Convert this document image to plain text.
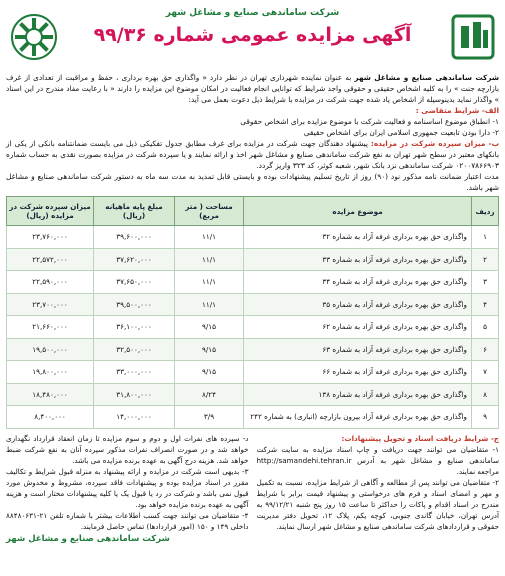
شرکت ساماندهی صنایع و مشاغل شهر
آگهی مزایده عمومی شماره ۹۹/۳۶
شرکت ساماندهی صنایع و مشاغل شهر به عنوان نماینده شهرداری تهران در نظر دارد « واگذاری حق بهره برداری ، حفظ و مراقبت از تعدادی از غرف بازارچه جنت » را به کلیه اشخاص حقیقی و حقوقی واجد شرایط که توانایی انجام فعالیت در امکان موضوع این مزایده را دارند « با رعایت مفاد مندرج در این اسناد » واگذار نماید بدینوسیله از اشخاص یاد شده جهت شرکت در مزایده با شرایط ذیل دعوت بعمل می آید:
الف- شرایط متقاضی :
۱- انطباق موضوع اساسنامه و فعالیت شرکت با موضوع مزایده برای اشخاص حقوقی
۲- دارا بودن تابعیت جمهوری اسلامی ایران برای اشخاص حقیقی
ب- میزان سپرده شرکت در مزایده: پیشنهاد دهندگان جهت شرکت در مزایده برای غرف مطابق جدول تفکیکی ذیل می بایست ضمانتنامه بانکی از یکی از بانکهای معتبر در سطح شهر تهران به نفع شرکت ساماندهی صنایع و مشاغل شهر اخذ و ارائه نمایند و یا سپرده شرکت در مزایده بصورت نقدی به حساب شماره ۰۲۰۰۷۸۶۶۹۰۳ شرکت ساماندهی نزد بانک شهر، شعبه کوثر، کد ۳۲۳ واریز گردد.
مدت اعتبار ضمانت نامه مذکور نود (۹۰) روز از تاریخ تسلیم پیشنهادات بوده و بایستی قابل تمدید به مدت سه ماه به دستور شرکت ساماندهی صنایع و مشاغل شهر باشد.
ردیف	موضوع مزایده	مساحت ( متر مربع)	مبلغ پایه ماهیانه (ریال)	میزان سپرده شرکت در مزایده (ریال)
۱	واگذاری حق بهره برداری غرفه آزاد به شماره ۳۲	۱۱/۱	۳۹,۶۰۰,۰۰۰	۲۳,۷۶۰,۰۰۰
۲	واگذاری حق بهره برداری غرفه آزاد به شماره ۳۳	۱۱/۱	۳۷,۶۲۰,۰۰۰	۲۲,۵۷۲,۰۰۰
۳	واگذاری حق بهره برداری غرفه آزاد به شماره ۳۴	۱۱/۱	۳۷,۶۵۰,۰۰۰	۲۲,۵۹۰,۰۰۰
۴	واگذاری حق بهره برداری غرفه آزاد به شماره ۳۵	۱۱/۱	۳۹,۵۰۰,۰۰۰	۲۳,۷۰۰,۰۰۰
۵	واگذاری حق بهره برداری غرفه آزاد به شماره ۶۲	۹/۱۵	۳۶,۱۰۰,۰۰۰	۲۱,۶۶۰,۰۰۰
۶	واگذاری حق بهره برداری غرفه آزاد به شماره ۶۳	۹/۱۵	۳۲,۵۰۰,۰۰۰	۱۹,۵۰۰,۰۰۰
۷	واگذاری حق بهره برداری غرفه آزاد به شماره ۶۶	۹/۱۵	۳۳,۰۰۰,۰۰۰	۱۹,۸۰۰,۰۰۰
۸	واگذاری حق بهره برداری غرفه آزاد به شماره ۱۳۸	۸/۲۴	۳۱,۸۰۰,۰۰۰	۱۸,۴۸۰,۰۰۰
۹	واگذاری حق بهره برداری غرفه آزاد بیرون بازارچه (انباری) به شماره ۲۴۲	۳/۹	۱۴,۰۰۰,۰۰۰	۸,۴۰۰,۰۰۰
ج- شرایط دریافت اسناد و تحویل پیشنهادات:
۱- متقاضیان می توانند جهت دریافت و چاپ اسناد مزایده به سایت شرکت ساماندهی صنایع و مشاغل شهر به آدرس http://samandehi.tehran.ir مراجعه نمایند.
۲- متقاضیان می توانند پس از مطالعه و آگاهی از شرایط مزایده، نسبت به تکمیل و مهر و امضای اسناد و فرم های درخواستی و پیشنهاد قیمت برابر با شرایط مندرج در اسناد اقدام و پاکات را حداکثر تا ساعت ۱۵ روز پنج شنبه ۹۹/۱۲/۲۱ به آدرس تهران، خیابان گاندی جنوبی، کوچه یکم، پلاک ۱۲، تحویل دفتر مدیریت حقوقی و قراردادهای شرکت ساماندهی صنایع و مشاغل شهر ارسال نمایند.
د- سپرده های نفرات اول و دوم و سوم مزایده تا زمان انعقاد قرارداد نگهداری خواهد شد و در صورت انصراف نفرات مذکور سپرده آنان به نفع شرکت ضبط خواهد شد. هزینه درج آگهی به عهده برنده مزایده می باشد.
۳- بدیهی است شرکت در مزایده و ارائه پیشنهاد به منزله قبول شرایط و تکالیف مقرر در اسناد مزایده بوده و پیشنهادات فاقد سپرده، مشروط و مخدوش مورد قبول نمی باشد و شرکت در رد یا قبول یک یا کلیه پیشنهادات مختار است و هزینه آگهی به عهده برنده مزایده خواهد بود.
۴- متقاضیان می توانند جهت کسب اطلاعات بیشتر با شماره تلفن ۲۱-۸۸۴۸۰۶۳۱ داخلی ۱۴۹ و ۱۵۰ (امور قراردادها) تماس حاصل فرمایند.
شرکت ساماندهی صنایع و مشاغل شهر
